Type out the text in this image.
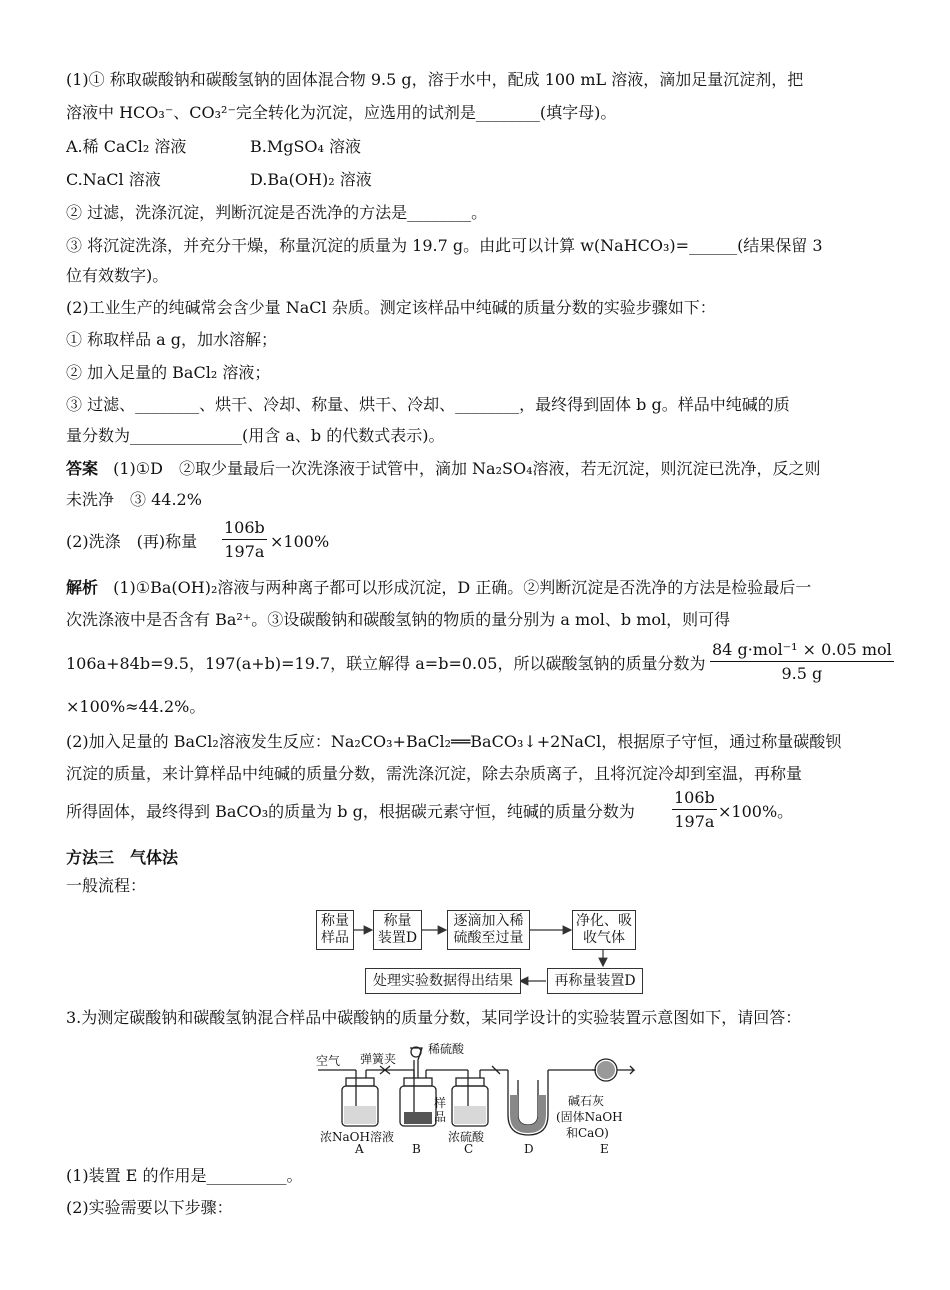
(1)① 称取碳酸钠和碳酸氢钠的固体混合物 9.5 g，溶于水中，配成 100 mL 溶液，滴加足量沉淀剂，把
溶液中 HCO₃⁻、CO₃²⁻完全转化为沉淀，应选用的试剂是________(填字母)。
A.稀 CaCl₂ 溶液	B.MgSO₄ 溶液
C.NaCl 溶液	D.Ba(OH)₂ 溶液
② 过滤，洗涤沉淀，判断沉淀是否洗净的方法是________。
③ 将沉淀洗涤，并充分干燥，称量沉淀的质量为 19.7 g。由此可以计算 w(NaHCO₃)=______(结果保留 3
位有效数字)。
(2)工业生产的纯碱常会含少量 NaCl 杂质。测定该样品中纯碱的质量分数的实验步骤如下：
① 称取样品 a g，加水溶解；
② 加入足量的 BaCl₂ 溶液；
③ 过滤、________、烘干、冷却、称量、烘干、冷却、________，最终得到固体 b g。样品中纯碱的质
量分数为______________(用含 a、b 的代数式表示)。
答案 (1)①D　②取少量最后一次洗涤液于试管中，滴加 Na₂SO₄溶液，若无沉淀，则沉淀已洗净，反之则
未洗净　③ 44.2%
(2)洗涤　(再)称量 $\frac{106b}{197a} \times 100\%$
解析 (1)①Ba(OH)₂溶液与两种离子都可以形成沉淀，D 正确。②判断沉淀是否洗净的方法是检验最后一
次洗涤液中是否含有 Ba²⁺。③设碳酸钠和碳酸氢钠的物质的量分别为 a mol、b mol，则可得
106a+84b=9.5，197(a+b)=19.7，联立解得 a=b=0.05，所以碳酸氢钠的质量分数为
84 g·mol⁻¹ × 0.05 mol
9.5 g
×100%≈44.2%。
(2)加入足量的 BaCl₂溶液发生反应：Na₂CO₃+BaCl₂══BaCO₃↓+2NaCl，根据原子守恒，通过称量碳酸钡
沉淀的质量，来计算样品中纯碱的质量分数，需洗涤沉淀，除去杂质离子，且将沉淀冷却到室温，再称量
所得固体，最终得到 BaCO₃的质量为 b g，根据碳元素守恒，纯碱的质量分数为 $\frac{106b}{197a} \times 100\%$。
方法三　气体法
一般流程：
称量
样品
称量
装置D
逐滴加入稀
硫酸至过量
净化、吸
收气体
再称量装置D
处理实验数据得出结果
3.为测定碳酸钠和碳酸氢钠混合样品中碳酸钠的质量分数，某同学设计的实验装置示意图如下，请回答：
空气 弹簧夹
稀硫酸
样
品
浓NaOH溶液	浓硫酸
碱石灰
(固体NaOH
和CaO)
A	B	C	D	E
(1)装置 E 的作用是__________。
(2)实验需要以下步骤：
